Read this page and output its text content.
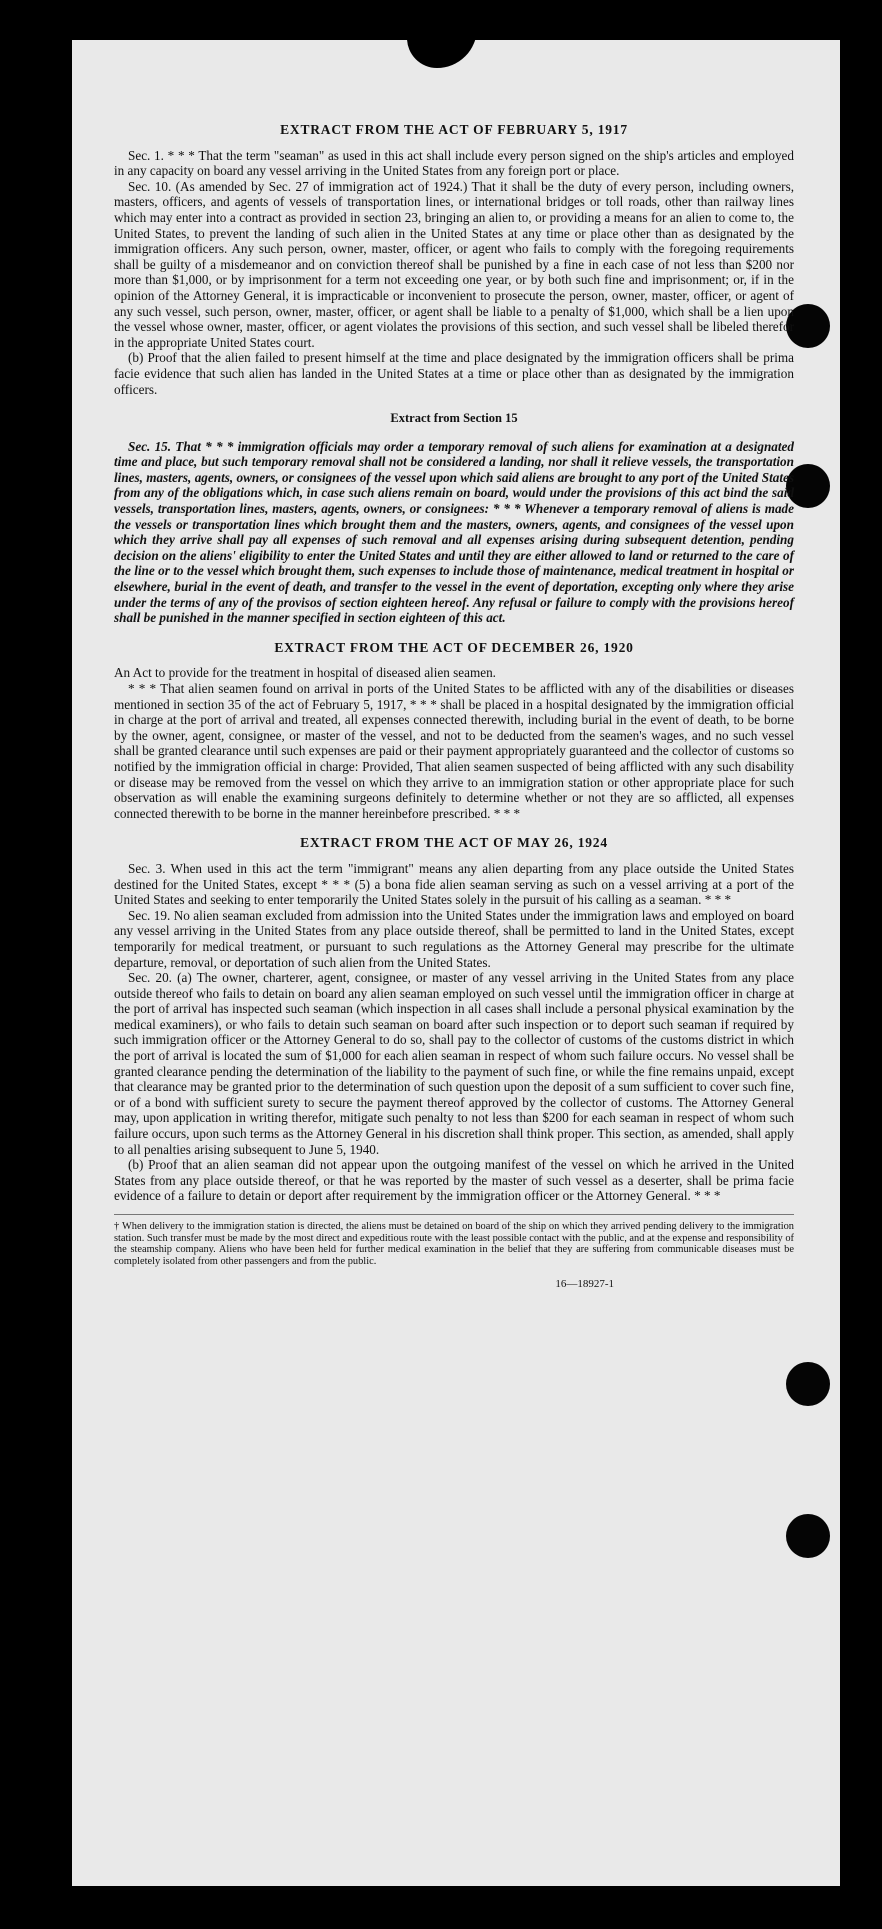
EXTRACT FROM THE ACT OF FEBRUARY 5, 1917

Sec. 1. * * * That the term "seaman" as used in this act shall include every person signed on the ship's articles and employed in any capacity on board any vessel arriving in the United States from any foreign port or place.

Sec. 10. (As amended by Sec. 27 of immigration act of 1924.) That it shall be the duty of every person, including owners, masters, officers, and agents of vessels of transportation lines, or international bridges or toll roads, other than railway lines which may enter into a contract as provided in section 23, bringing an alien to, or providing a means for an alien to come to, the United States, to prevent the landing of such alien in the United States at any time or place other than as designated by the immigration officers. Any such person, owner, master, officer, or agent who fails to comply with the foregoing requirements shall be guilty of a misdemeanor and on conviction thereof shall be punished by a fine in each case of not less than $200 nor more than $1,000, or by imprisonment for a term not exceeding one year, or by both such fine and imprisonment; or, if in the opinion of the Attorney General, it is impracticable or inconvenient to prosecute the person, owner, master, officer, or agent of any such vessel, such person, owner, master, officer, or agent shall be liable to a penalty of $1,000, which shall be a lien upon the vessel whose owner, master, officer, or agent violates the provisions of this section, and such vessel shall be libeled therefor in the appropriate United States court.

(b) Proof that the alien failed to present himself at the time and place designated by the immigration officers shall be prima facie evidence that such alien has landed in the United States at a time or place other than as designated by the immigration officers.

Extract from Section 15

Sec. 15. That * * * immigration officials may order a temporary removal of such aliens for examination at a designated time and place, but such temporary removal shall not be considered a landing, nor shall it relieve vessels, the transportation lines, masters, agents, owners, or consignees of the vessel upon which said aliens are brought to any port of the United States from any of the obligations which, in case such aliens remain on board, would under the provisions of this act bind the said vessels, transportation lines, masters, agents, owners, or consignees: * * * Whenever a temporary removal of aliens is made the vessels or transportation lines which brought them and the masters, owners, agents, and consignees of the vessel upon which they arrive shall pay all expenses of such removal and all expenses arising during subsequent detention, pending decision on the aliens' eligibility to enter the United States and until they are either allowed to land or returned to the care of the line or to the vessel which brought them, such expenses to include those of maintenance, medical treatment in hospital or elsewhere, burial in the event of death, and transfer to the vessel in the event of deportation, excepting only where they arise under the terms of any of the provisos of section eighteen hereof. Any refusal or failure to comply with the provisions hereof shall be punished in the manner specified in section eighteen of this act.

EXTRACT FROM THE ACT OF DECEMBER 26, 1920

An Act to provide for the treatment in hospital of diseased alien seamen.

* * * That alien seamen found on arrival in ports of the United States to be afflicted with any of the disabilities or diseases mentioned in section 35 of the act of February 5, 1917, * * * shall be placed in a hospital designated by the immigration official in charge at the port of arrival and treated, all expenses connected therewith, including burial in the event of death, to be borne by the owner, agent, consignee, or master of the vessel, and not to be deducted from the seamen's wages, and no such vessel shall be granted clearance until such expenses are paid or their payment appropriately guaranteed and the collector of customs so notified by the immigration official in charge: Provided, That alien seamen suspected of being afflicted with any such disability or disease may be removed from the vessel on which they arrive to an immigration station or other appropriate place for such observation as will enable the examining surgeons definitely to determine whether or not they are so afflicted, all expenses connected therewith to be borne in the manner hereinbefore prescribed. * * *

EXTRACT FROM THE ACT OF MAY 26, 1924

Sec. 3. When used in this act the term "immigrant" means any alien departing from any place outside the United States destined for the United States, except * * * (5) a bona fide alien seaman serving as such on a vessel arriving at a port of the United States and seeking to enter temporarily the United States solely in the pursuit of his calling as a seaman. * * *

Sec. 19. No alien seaman excluded from admission into the United States under the immigration laws and employed on board any vessel arriving in the United States from any place outside thereof, shall be permitted to land in the United States, except temporarily for medical treatment, or pursuant to such regulations as the Attorney General may prescribe for the ultimate departure, removal, or deportation of such alien from the United States.

Sec. 20. (a) The owner, charterer, agent, consignee, or master of any vessel arriving in the United States from any place outside thereof who fails to detain on board any alien seaman employed on such vessel until the immigration officer in charge at the port of arrival has inspected such seaman (which inspection in all cases shall include a personal physical examination by the medical examiners), or who fails to detain such seaman on board after such inspection or to deport such seaman if required by such immigration officer or the Attorney General to do so, shall pay to the collector of customs of the customs district in which the port of arrival is located the sum of $1,000 for each alien seaman in respect of whom such failure occurs. No vessel shall be granted clearance pending the determination of the liability to the payment of such fine, or while the fine remains unpaid, except that clearance may be granted prior to the determination of such question upon the deposit of a sum sufficient to cover such fine, or of a bond with sufficient surety to secure the payment thereof approved by the collector of customs. The Attorney General may, upon application in writing therefor, mitigate such penalty to not less than $200 for each seaman in respect of whom such failure occurs, upon such terms as the Attorney General in his discretion shall think proper. This section, as amended, shall apply to all penalties arising subsequent to June 5, 1940.

(b) Proof that an alien seaman did not appear upon the outgoing manifest of the vessel on which he arrived in the United States from any place outside thereof, or that he was reported by the master of such vessel as a deserter, shall be prima facie evidence of a failure to detain or deport after requirement by the immigration officer or the Attorney General. * * *

† When delivery to the immigration station is directed, the aliens must be detained on board of the ship on which they arrived pending delivery to the immigration station. Such transfer must be made by the most direct and expeditious route with the least possible contact with the public, and at the expense and responsibility of the steamship company. Aliens who have been held for further medical examination in the belief that they are suffering from communicable diseases must be completely isolated from other passengers and from the public.
16—18927-1
